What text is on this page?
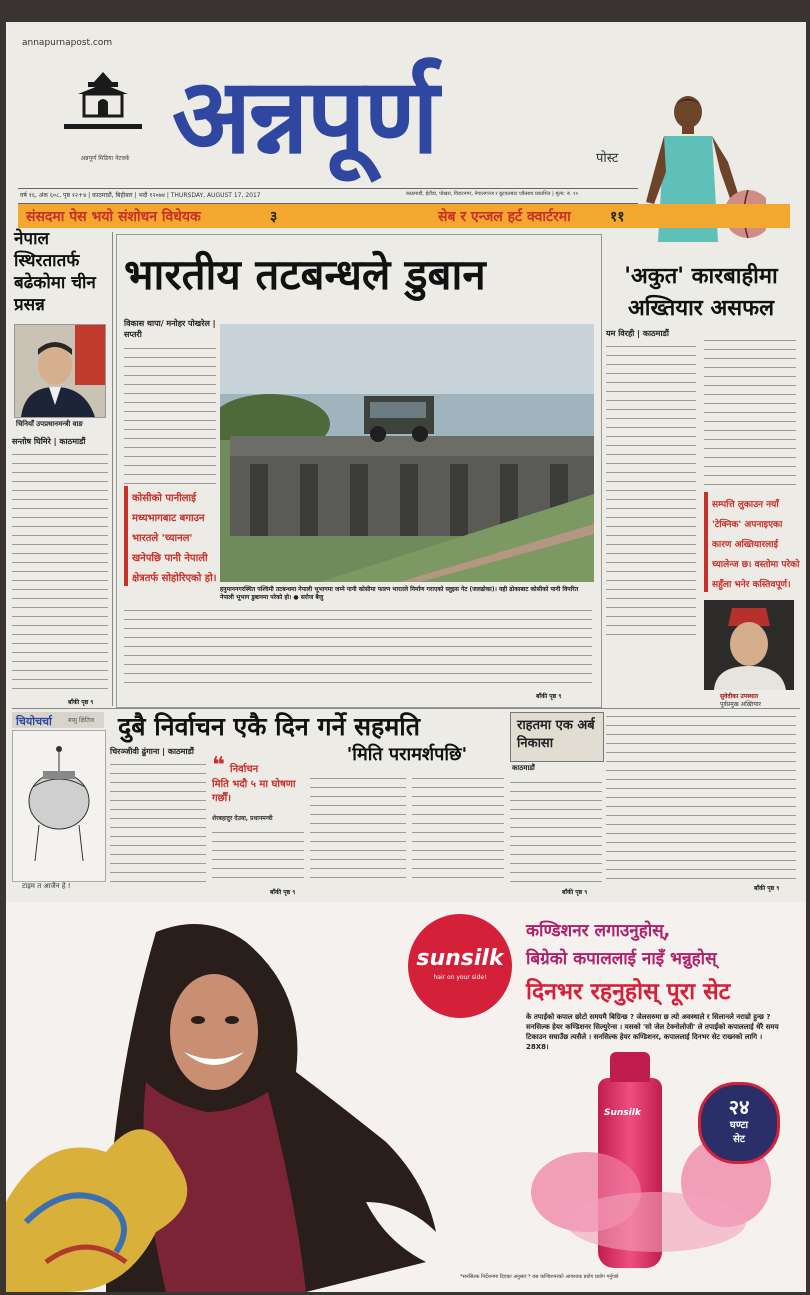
annapurnapost.com
अन्नपूर्ण मिडिया नेटवर्क अन्नपूर्ण	पोस्ट
वर्ष १६, अंक ६०८, पृष्ठ १२+४ | काठमाडौं, बिहीबार | भदौ १२०७४ | THURSDAY, AUGUST 17, 2017	काठमाडौं, हेटौंडा, पोखरा, विराटनगर, नेपालगञ्ज र बुटवलबाट एकैसाथ प्रकाशित | मूल्य: रु. १०
संसदमा पेस भयो संशोधन विधेयक	३	सेब र एन्जल हर्ट क्वार्टरमा	११
नेपाल स्थिरतातर्फ बढेकोमा चीन प्रसन्न
चिनियाँ उपप्रधानमन्त्री वाङ
सन्तोष घिमिरे | काठमाडौं
बाँकी पृष्ठ ९
भारतीय तटबन्धले डुबान
विकास थापा/ मनोहर पोखरेल | सप्तरी
कोसीको पानीलाई मध्यभागबाट बगाउन भारतले 'च्यानल' खनेपछि पानी नेपाली क्षेत्रतर्फ सोहोरिएको हो।
हनुमाननगरस्थित पश्चिमी तटबन्धमा नेपाली भूभागमा जम्ने पानी कोसीमा फाल्न भारतले निर्माण गराएको स्लुइस गेट (जलढोका)। यही ढोकाबाट कोसीको पानी विपरित नेपाली भूभाग डुबानमा परेको हो। ● सरोज बैजु
बाँकी पृष्ठ ९
'अकुत' कारबाहीमा अख्तियार असफल
यम विरही | काठमाडौं
सम्पत्ति लुकाउन नयाँ 'टेक्निक' अपनाइएका कारण अख्तियारलाई च्यालेन्ज छ। वस्तोमा परेको सहुँला भनेर कस्तिवपूर्ण।
सुवेदीका उपस्थात
पूर्वप्रमुख अख्तियार
चियोचर्चा	बासु क्षितिज
टाइम त आजैन हे !
दुबै निर्वाचन एकै दिन गर्ने सहमति
चिरञ्जीवी ढुंगाना | काठमाडौं
❝ निर्वाचन
मिति भदौ ५ मा घोषणा गर्छौं।
शेरबहादुर देउवा, प्रधानमन्त्री
'मिति परामर्शपछि'
बाँकी पृष्ठ ९
राहतमा एक अर्ब निकासा
काठमाडौं
बाँकी पृष्ठ ९
बाँकी पृष्ठ ९
sunsilk
hair on your side!
कण्डिशनर लगाउनुहोस्,
बिग्रेको कपाललाई नाइँ भन्नुहोस्
दिनभर रहनुहोस् पूरा सेट
के तपाईंको कपाल छोटो समयमै बिग्रिन्छ ? जेलसरुमा छ त्यो अवस्थाले र सिलानले नराम्रो हुन्छ ? सनसिल्क हेयर कण्डिशनर सिल्युरेन्स । यसको 'सो जेल टेक्नोलोजी' ले तपाईंको कपाललाई धेरै समय टिकाउन सघाउँछ त्यसैले । सनसिल्क हेयर कण्डिशनर, कपाललाई दिनभर सेट राख्नको लागि । 28X8।
Sunsilk	२४
घण्टा
सेट
*सनसिल्क निर्देशनमा दिएका अनुसार * यस कण्डिशनरको आवश्यक प्रयोग प्रयोग गर्नुपर्छ
